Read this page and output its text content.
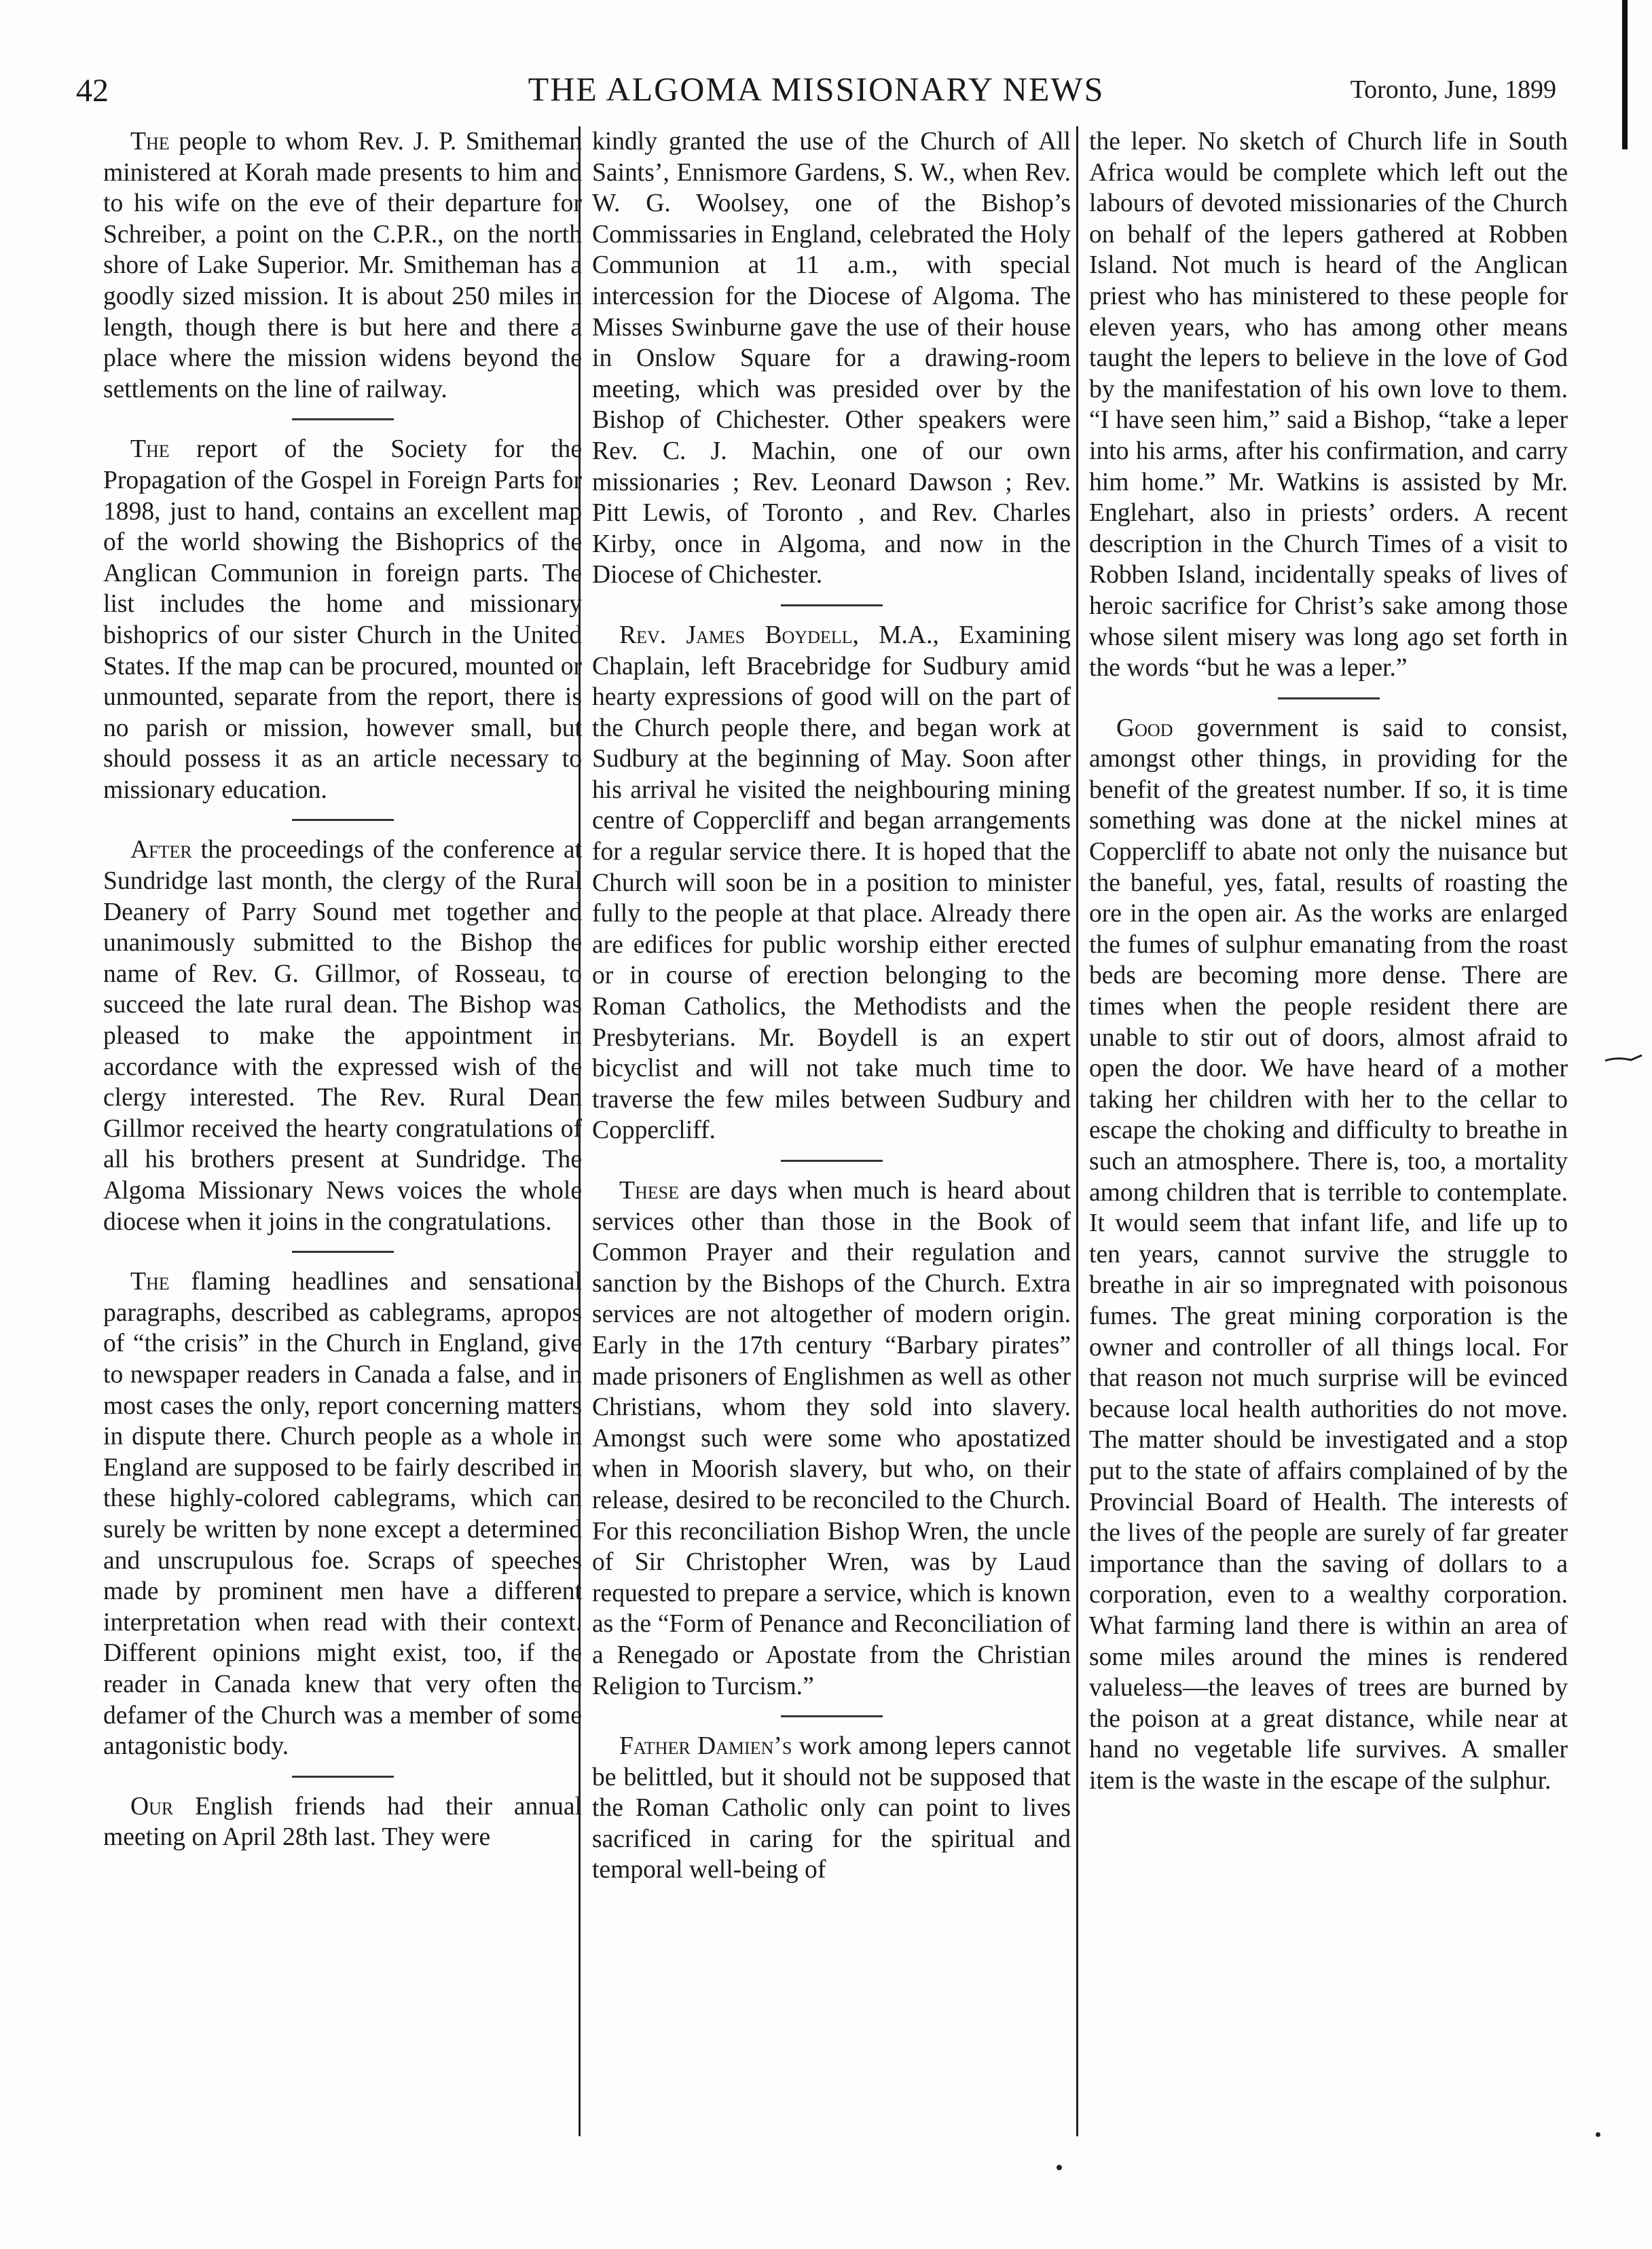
42	THE ALGOMA MISSIONARY NEWS	Toronto, June, 1899

The people to whom Rev. J. P. Smitheman ministered at Korah made presents to him and to his wife on the eve of their departure for Schreiber, a point on the C.P.R., on the north shore of Lake Superior. Mr. Smitheman has a goodly sized mission. It is about 250 miles in length, though there is but here and there a place where the mission widens beyond the settlements on the line of railway.

The report of the Society for the Propagation of the Gospel in Foreign Parts for 1898, just to hand, contains an excellent map of the world showing the Bishoprics of the Anglican Communion in foreign parts. The list includes the home and missionary bishoprics of our sister Church in the United States. If the map can be procured, mounted or unmounted, separate from the report, there is no parish or mission, however small, but should possess it as an article necessary to missionary education.

After the proceedings of the conference at Sundridge last month, the clergy of the Rural Deanery of Parry Sound met together and unanimously submitted to the Bishop the name of Rev. G. Gillmor, of Rosseau, to succeed the late rural dean. The Bishop was pleased to make the appointment in accordance with the expressed wish of the clergy interested. The Rev. Rural Dean Gillmor received the hearty congratulations of all his brothers present at Sundridge. The Algoma Missionary News voices the whole diocese when it joins in the congratulations.

The flaming headlines and sensational paragraphs, described as cablegrams, apropos of “the crisis” in the Church in England, give to newspaper readers in Canada a false, and in most cases the only, report concerning matters in dispute there. Church people as a whole in England are supposed to be fairly described in these highly-colored cablegrams, which can surely be written by none except a determined and unscrupulous foe. Scraps of speeches made by prominent men have a different interpretation when read with their context. Different opinions might exist, too, if the reader in Canada knew that very often the defamer of the Church was a member of some antagonistic body.

Our English friends had their annual meeting on April 28th last. They were

kindly granted the use of the Church of All Saints’, Ennismore Gardens, S. W., when Rev. W. G. Woolsey, one of the Bishop’s Commissaries in England, celebrated the Holy Communion at 11 a.m., with special intercession for the Diocese of Algoma. The Misses Swinburne gave the use of their house in Onslow Square for a drawing-room meeting, which was presided over by the Bishop of Chichester. Other speakers were Rev. C. J. Machin, one of our own missionaries ; Rev. Leonard Dawson ; Rev. Pitt Lewis, of Toronto , and Rev. Charles Kirby, once in Algoma, and now in the Diocese of Chichester.

Rev. James Boydell, M.A., Examining Chaplain, left Bracebridge for Sudbury amid hearty expressions of good will on the part of the Church people there, and began work at Sudbury at the beginning of May. Soon after his arrival he visited the neighbouring mining centre of Coppercliff and began arrangements for a regular service there. It is hoped that the Church will soon be in a position to minister fully to the people at that place. Already there are edifices for public worship either erected or in course of erection belonging to the Roman Catholics, the Methodists and the Presbyterians. Mr. Boydell is an expert bicyclist and will not take much time to traverse the few miles between Sudbury and Coppercliff.

These are days when much is heard about services other than those in the Book of Common Prayer and their regulation and sanction by the Bishops of the Church. Extra services are not altogether of modern origin. Early in the 17th century “Barbary pirates” made prisoners of Englishmen as well as other Christians, whom they sold into slavery. Amongst such were some who apostatized when in Moorish slavery, but who, on their release, desired to be reconciled to the Church. For this reconciliation Bishop Wren, the uncle of Sir Christopher Wren, was by Laud requested to prepare a service, which is known as the “Form of Penance and Reconciliation of a Renegado or Apostate from the Christian Religion to Turcism.”

Father Damien’s work among lepers cannot be belittled, but it should not be supposed that the Roman Catholic only can point to lives sacrificed in caring for the spiritual and temporal well-being of

the leper. No sketch of Church life in South Africa would be complete which left out the labours of devoted missionaries of the Church on behalf of the lepers gathered at Robben Island. Not much is heard of the Anglican priest who has ministered to these people for eleven years, who has among other means taught the lepers to believe in the love of God by the manifestation of his own love to them. “I have seen him,” said a Bishop, “take a leper into his arms, after his confirmation, and carry him home.” Mr. Watkins is assisted by Mr. Englehart, also in priests’ orders. A recent description in the Church Times of a visit to Robben Island, incidentally speaks of lives of heroic sacrifice for Christ’s sake among those whose silent misery was long ago set forth in the words “but he was a leper.”

Good government is said to consist, amongst other things, in providing for the benefit of the greatest number. If so, it is time something was done at the nickel mines at Coppercliff to abate not only the nuisance but the baneful, yes, fatal, results of roasting the ore in the open air. As the works are enlarged the fumes of sulphur emanating from the roast beds are becoming more dense. There are times when the people resident there are unable to stir out of doors, almost afraid to open the door. We have heard of a mother taking her children with her to the cellar to escape the choking and difficulty to breathe in such an atmosphere. There is, too, a mortality among children that is terrible to contemplate. It would seem that infant life, and life up to ten years, cannot survive the struggle to breathe in air so impregnated with poisonous fumes. The great mining corporation is the owner and controller of all things local. For that reason not much surprise will be evinced because local health authorities do not move. The matter should be investigated and a stop put to the state of affairs complained of by the Provincial Board of Health. The interests of the lives of the people are surely of far greater importance than the saving of dollars to a corporation, even to a wealthy corporation. What farming land there is within an area of some miles around the mines is rendered valueless—the leaves of trees are burned by the poison at a great distance, while near at hand no vegetable life survives. A smaller item is the waste in the escape of the sulphur.
